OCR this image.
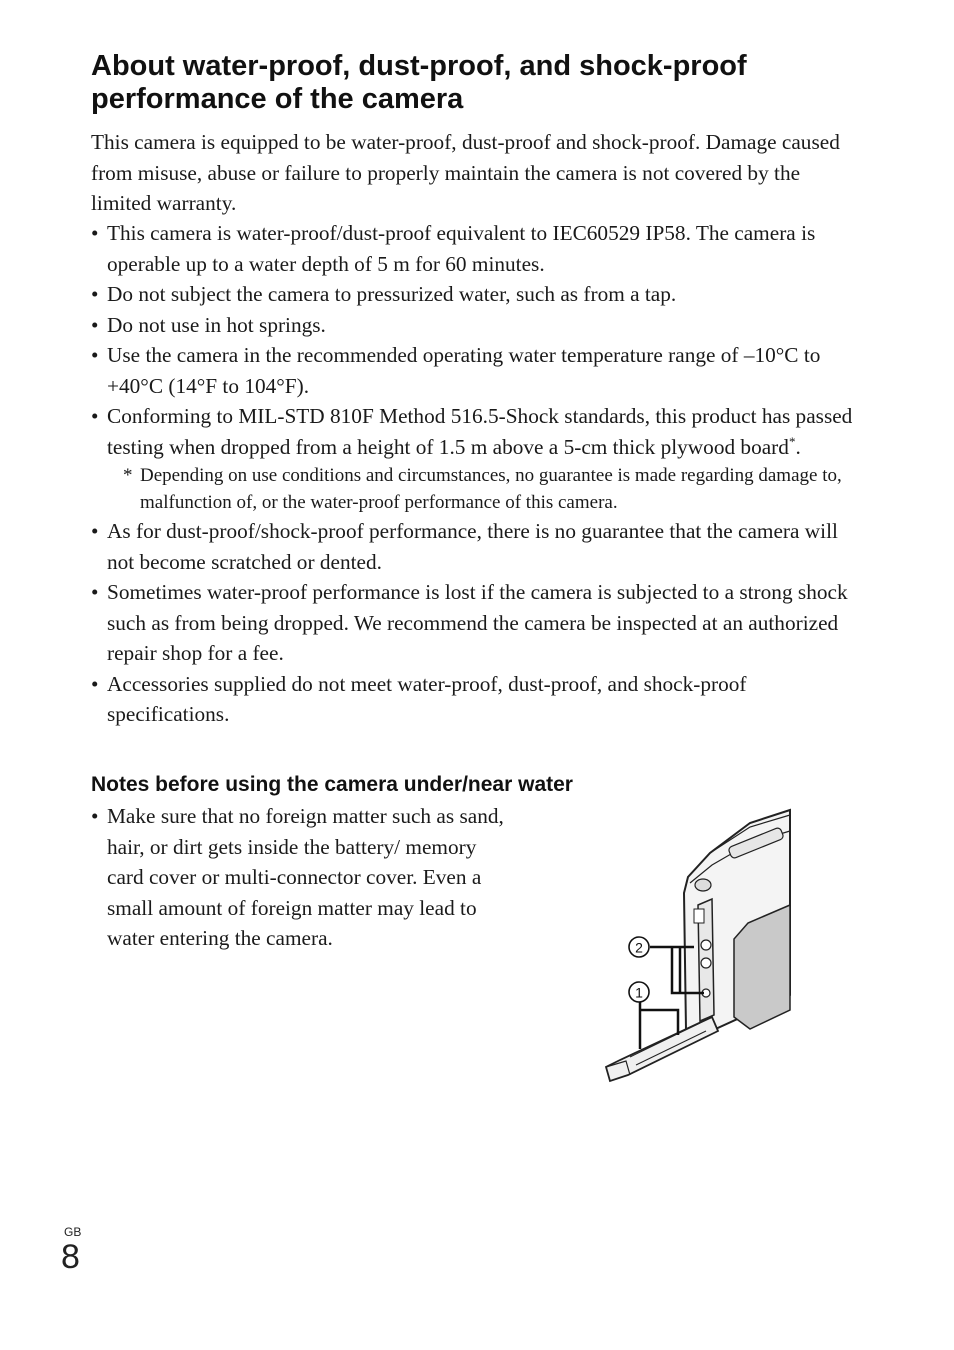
About water-proof, dust-proof, and shock-proof performance of the camera

This camera is equipped to be water-proof, dust-proof and shock-proof. Damage caused from misuse, abuse or failure to properly maintain the camera is not covered by the limited warranty.

• This camera is water-proof/dust-proof equivalent to IEC60529 IP58. The camera is operable up to a water depth of 5 m for 60 minutes.
• Do not subject the camera to pressurized water, such as from a tap.
• Do not use in hot springs.
• Use the camera in the recommended operating water temperature range of –10°C to +40°C (14°F to 104°F).
• Conforming to MIL-STD 810F Method 516.5-Shock standards, this product has passed testing when dropped from a height of 1.5 m above a 5-cm thick plywood board*.
* Depending on use conditions and circumstances, no guarantee is made regarding damage to, malfunction of, or the water-proof performance of this camera.
• As for dust-proof/shock-proof performance, there is no guarantee that the camera will not become scratched or dented.
• Sometimes water-proof performance is lost if the camera is subjected to a strong shock such as from being dropped. We recommend the camera be inspected at an authorized repair shop for a fee.
• Accessories supplied do not meet water-proof, dust-proof, and shock-proof specifications.
Notes before using the camera under/near water
• Make sure that no foreign matter such as sand, hair, or dirt gets inside the battery/ memory card cover or multi-connector cover. Even a small amount of foreign matter may lead to water entering the camera.	2
1

GB

8
